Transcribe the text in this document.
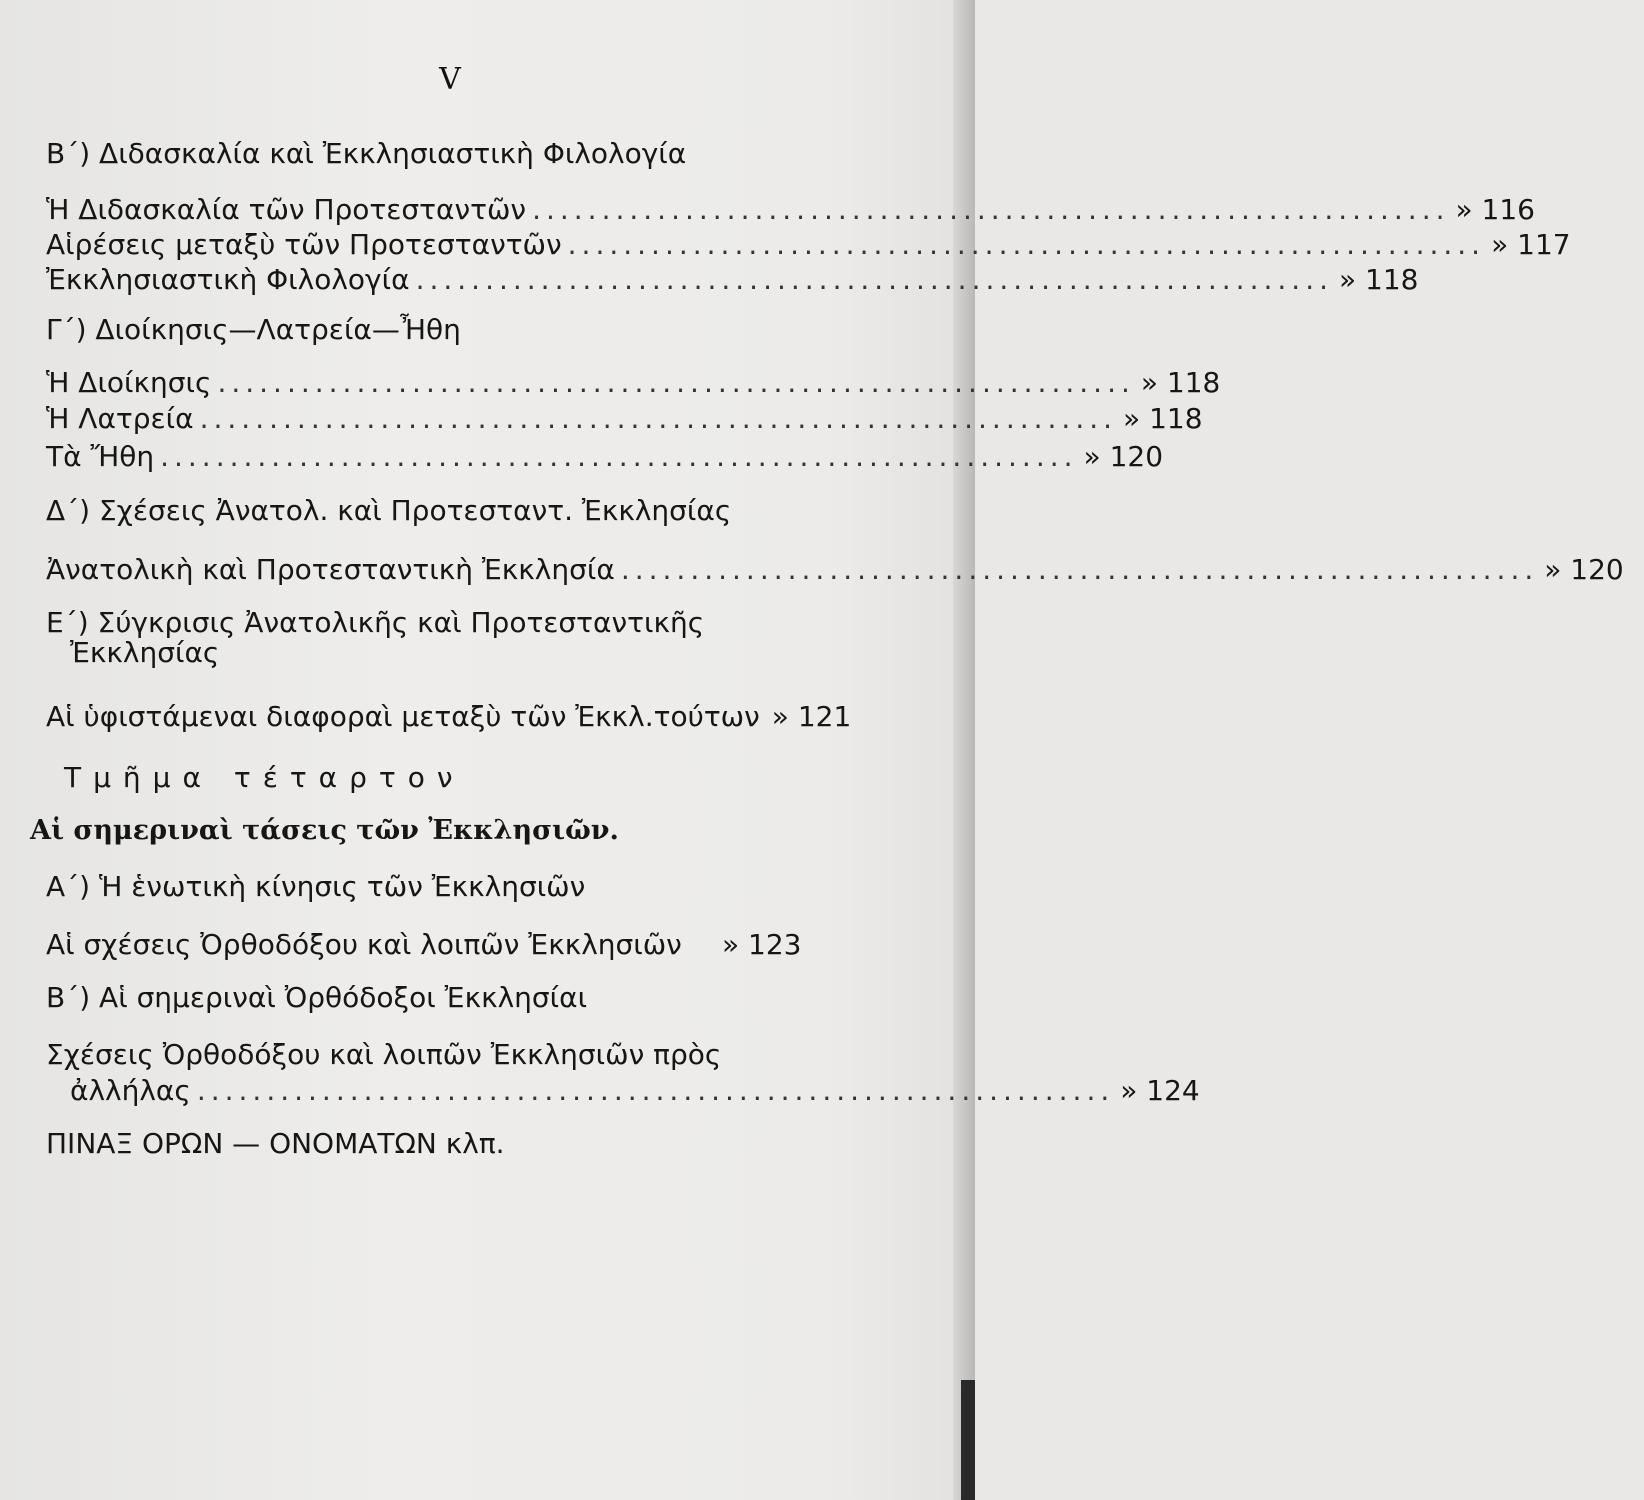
V
Β΄) Διδασκαλία καὶ Ἐκκλησιαστικὴ Φιλολογία
Ἡ Διδασκαλία τῶν Προτεσταντῶν .................................................................. » 116
Αἱρέσεις μεταξὺ τῶν Προτεσταντῶν .................................................................. » 117
Ἐκκλησιαστικὴ Φιλολογία .................................................................. » 118
Γ΄) Διοίκησις—Λατρεία—Ἦθη
Ἡ Διοίκησις .................................................................. » 118
Ἡ Λατρεία .................................................................. » 118
Τὰ Ἤθη .................................................................. » 120
Δ΄) Σχέσεις Ἀνατολ. καὶ Προτεσταντ. Ἐκκλησίας
Ἀνατολικὴ καὶ Προτεσταντικὴ Ἐκκλησία .................................................................. » 120
Ε΄) Σύγκρισις Ἀνατολικῆς καὶ Προτεσταντικῆς
Ἐκκλησίας
Αἱ ὑφιστάμεναι διαφοραὶ μεταξὺ τῶν Ἐκκλ.τούτων » 121
Τμῆμα τέταρτον
Αἱ σημεριναὶ τάσεις τῶν Ἐκκλησιῶν.
Α΄) Ἡ ἑνωτικὴ κίνησις τῶν Ἐκκλησιῶν
Αἱ σχέσεις Ὀρθοδόξου καὶ λοιπῶν Ἐκκλησιῶν » 123
Β΄) Αἱ σημεριναὶ Ὀρθόδοξοι Ἐκκλησίαι
Σχέσεις Ὀρθοδόξου καὶ λοιπῶν Ἐκκλησιῶν πρὸς
ἀλλήλας .................................................................. » 124
ΠΙΝΑΞ ΟΡΩΝ — ΟΝΟΜΑΤΩΝ κλπ.
